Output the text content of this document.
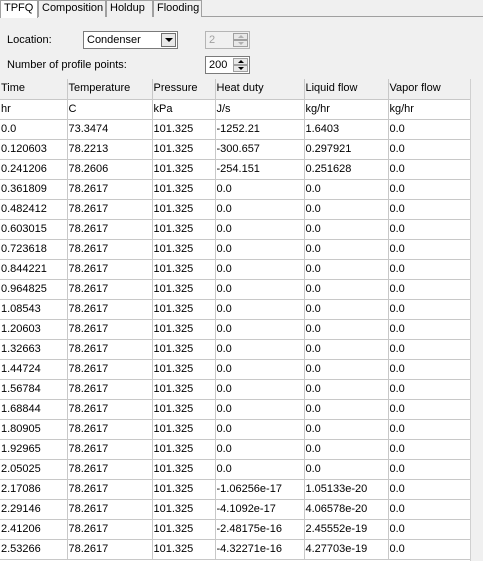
TPFQ Composition Holdup	Flooding
Location:	Condenser	2
Number of profile points:	200
Time	Temperature	Pressure	Heat duty	Liquid flow	Vapor flow
hr	C	kPa	J/s	kg/hr	kg/hr
0.0	73.3474	101.325	-1252.21	1.6403	0.0
0.120603	78.2213	101.325	-300.657	0.297921	0.0
0.241206	78.2606	101.325	-254.151	0.251628	0.0
0.361809	78.2617	101.325	0.0	0.0	0.0
0.482412	78.2617	101.325	0.0	0.0	0.0
0.603015	78.2617	101.325	0.0	0.0	0.0
0.723618	78.2617	101.325	0.0	0.0	0.0
0.844221	78.2617	101.325	0.0	0.0	0.0
0.964825	78.2617	101.325	0.0	0.0	0.0
1.08543	78.2617	101.325	0.0	0.0	0.0
1.20603	78.2617	101.325	0.0	0.0	0.0
1.32663	78.2617	101.325	0.0	0.0	0.0
1.44724	78.2617	101.325	0.0	0.0	0.0
1.56784	78.2617	101.325	0.0	0.0	0.0
1.68844	78.2617	101.325	0.0	0.0	0.0
1.80905	78.2617	101.325	0.0	0.0	0.0
1.92965	78.2617	101.325	0.0	0.0	0.0
2.05025	78.2617	101.325	0.0	0.0	0.0
2.17086	78.2617	101.325	-1.06256e-17	1.05133e-20	0.0
2.29146	78.2617	101.325	-4.1092e-17	4.06578e-20	0.0
2.41206	78.2617	101.325	-2.48175e-16	2.45552e-19	0.0
2.53266	78.2617	101.325	-4.32271e-16	4.27703e-19	0.0
